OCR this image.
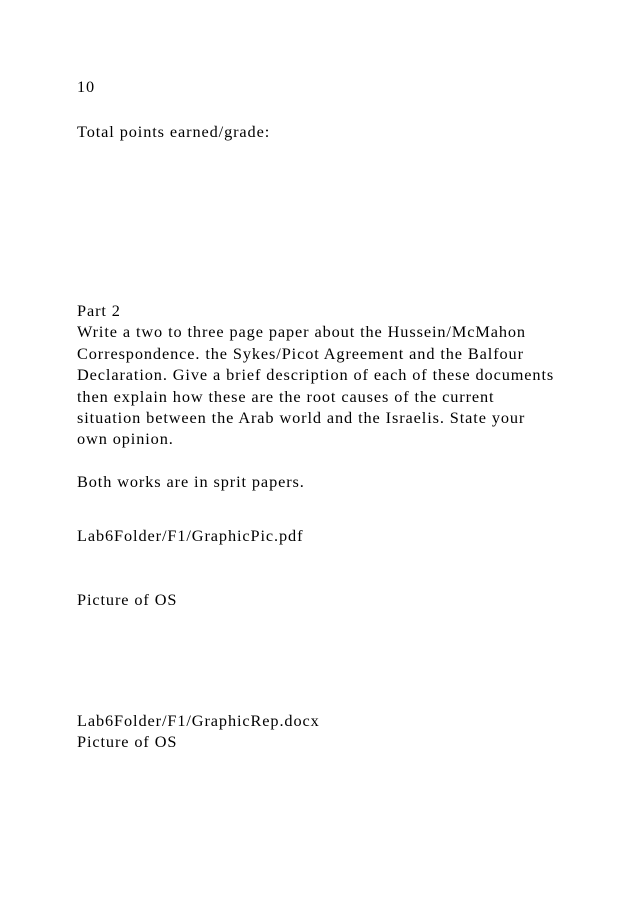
10
Total points earned/grade:
Part 2
Write a two to three page paper about the Hussein/McMahon
Correspondence. the Sykes/Picot Agreement and the Balfour
Declaration. Give a brief description of each of these documents
then explain how these are the root causes of the current
situation between the Arab world and the Israelis. State your
own opinion.
Both works are in sprit papers.
Lab6Folder/F1/GraphicPic.pdf
Picture of OS
Lab6Folder/F1/GraphicRep.docx
Picture of OS
